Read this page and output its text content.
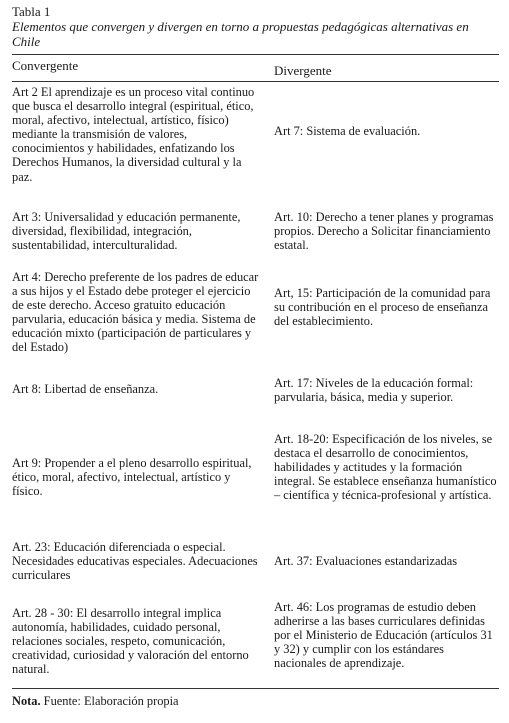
Tabla 1
Elementos que convergen y divergen en torno a propuestas pedagógicas alternativas en Chile
Convergente	Divergente
Art 2 El aprendizaje es un proceso vital continuo que busca el desarrollo integral (espiritual, ético, moral, afectivo, intelectual, artístico, físico) mediante la transmisión de valores, conocimientos y habilidades, enfatizando los Derechos Humanos, la diversidad cultural y la paz.
Art 7: Sistema de evaluación.
Art 3: Universalidad y educación permanente, diversidad, flexibilidad, integración, sustentabilidad, interculturalidad.
Art. 10: Derecho a tener planes y programas propios. Derecho a Solicitar financiamiento estatal.
Art 4: Derecho preferente de los padres de educar a sus hijos y el Estado debe proteger el ejercicio de este derecho. Acceso gratuito educación parvularia, educación básica y media. Sistema de educación mixto (participación de particulares y del Estado)
Art, 15: Participación de la comunidad para su contribución en el proceso de enseñanza del establecimiento.
Art 8: Libertad de enseñanza.	Art. 17: Niveles de la educación formal: parvularia, básica, media y superior.
Art 9: Propender a el pleno desarrollo espiritual, ético, moral, afectivo, intelectual, artístico y físico.
Art. 18-20: Especificación de los niveles, se destaca el desarrollo de conocimientos, habilidades y actitudes y la formación integral. Se establece enseñanza humanístico – científica y técnica-profesional y artística.
Art. 23: Educación diferenciada o especial. Necesidades educativas especiales. Adecuaciones curriculares
Art. 37: Evaluaciones estandarizadas
Art. 28 - 30: El desarrollo integral implica autonomía, habilidades, cuidado personal, relaciones sociales, respeto, comunicación, creatividad, curiosidad y valoración del entorno natural.
Art. 46: Los programas de estudio deben adherirse a las bases curriculares definidas por el Ministerio de Educación (artículos 31 y 32) y cumplir con los estándares nacionales de aprendizaje.
Nota. Fuente: Elaboración propia
